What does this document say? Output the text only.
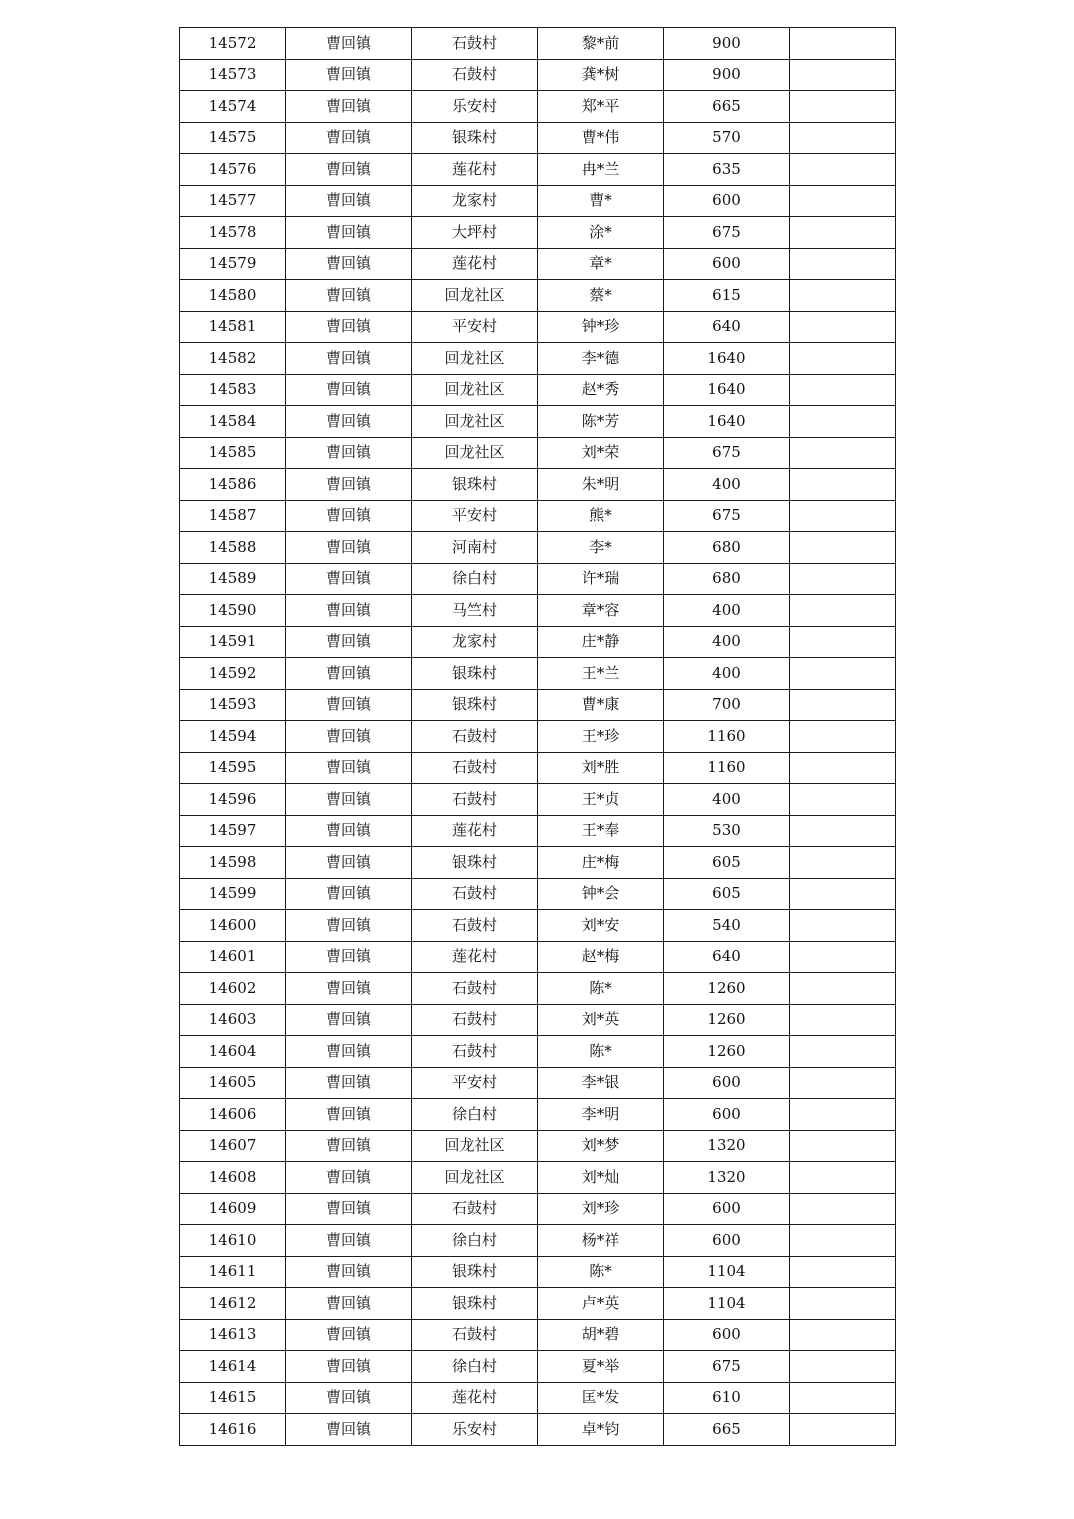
14572	曹回镇	石鼓村	黎*前	900	
14573	曹回镇	石鼓村	龚*树	900	
14574	曹回镇	乐安村	郑*平	665	
14575	曹回镇	银珠村	曹*伟	570	
14576	曹回镇	莲花村	冉*兰	635	
14577	曹回镇	龙家村	曹*	600	
14578	曹回镇	大坪村	涂*	675	
14579	曹回镇	莲花村	章*	600	
14580	曹回镇	回龙社区	蔡*	615	
14581	曹回镇	平安村	钟*珍	640	
14582	曹回镇	回龙社区	李*德	1640	
14583	曹回镇	回龙社区	赵*秀	1640	
14584	曹回镇	回龙社区	陈*芳	1640	
14585	曹回镇	回龙社区	刘*荣	675	
14586	曹回镇	银珠村	朱*明	400	
14587	曹回镇	平安村	熊*	675	
14588	曹回镇	河南村	李*	680	
14589	曹回镇	徐白村	许*瑞	680	
14590	曹回镇	马竺村	章*容	400	
14591	曹回镇	龙家村	庄*静	400	
14592	曹回镇	银珠村	王*兰	400	
14593	曹回镇	银珠村	曹*康	700	
14594	曹回镇	石鼓村	王*珍	1160	
14595	曹回镇	石鼓村	刘*胜	1160	
14596	曹回镇	石鼓村	王*贞	400	
14597	曹回镇	莲花村	王*奉	530	
14598	曹回镇	银珠村	庄*梅	605	
14599	曹回镇	石鼓村	钟*会	605	
14600	曹回镇	石鼓村	刘*安	540	
14601	曹回镇	莲花村	赵*梅	640	
14602	曹回镇	石鼓村	陈*	1260	
14603	曹回镇	石鼓村	刘*英	1260	
14604	曹回镇	石鼓村	陈*	1260	
14605	曹回镇	平安村	李*银	600	
14606	曹回镇	徐白村	李*明	600	
14607	曹回镇	回龙社区	刘*梦	1320	
14608	曹回镇	回龙社区	刘*灿	1320	
14609	曹回镇	石鼓村	刘*珍	600	
14610	曹回镇	徐白村	杨*祥	600	
14611	曹回镇	银珠村	陈*	1104	
14612	曹回镇	银珠村	卢*英	1104	
14613	曹回镇	石鼓村	胡*碧	600	
14614	曹回镇	徐白村	夏*举	675	
14615	曹回镇	莲花村	匡*发	610	
14616	曹回镇	乐安村	卓*钧	665	
